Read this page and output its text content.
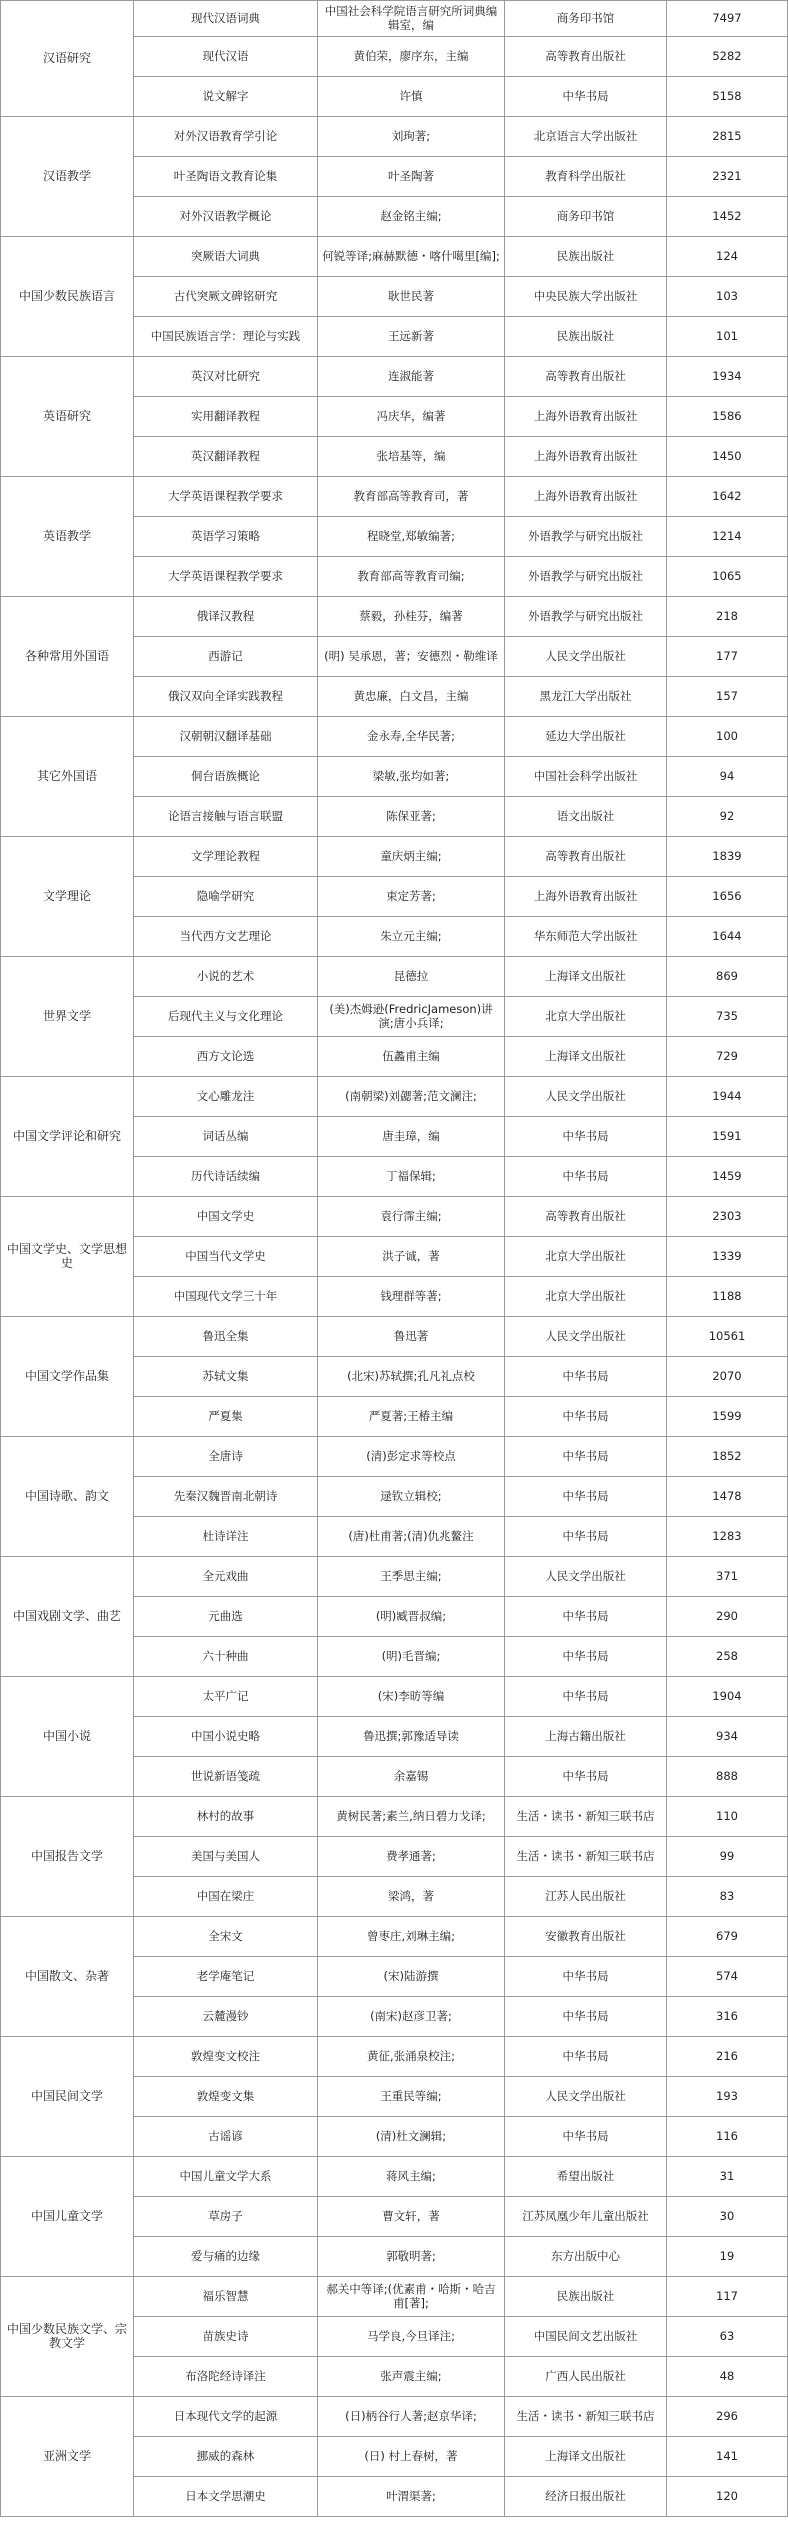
汉语研究	现代汉语词典	中国社会科学院语言研究所词典编辑室，编	商务印书馆	7497
	现代汉语	黄伯荣，廖序东，主编	高等教育出版社	5282
	说文解字	许慎	中华书局	5158
汉语教学	对外汉语教育学引论	刘珣著;	北京语言大学出版社	2815
	叶圣陶语文教育论集	叶圣陶著	教育科学出版社	2321
	对外汉语教学概论	赵金铭主编;	商务印书馆	1452
中国少数民族语言	突厥语大词典	何锐等译;麻赫默德・喀什噶里[编];	民族出版社	124
	古代突厥文碑铭研究	耿世民著	中央民族大学出版社	103
	中国民族语言学：理论与实践	王远新著	民族出版社	101
英语研究	英汉对比研究	连淑能著	高等教育出版社	1934
	实用翻译教程	冯庆华，编著	上海外语教育出版社	1586
	英汉翻译教程	张培基等，编	上海外语教育出版社	1450
英语教学	大学英语课程教学要求	教育部高等教育司，著	上海外语教育出版社	1642
	英语学习策略	程晓堂,郑敏编著;	外语教学与研究出版社	1214
	大学英语课程教学要求	教育部高等教育司编;	外语教学与研究出版社	1065
各种常用外国语	俄译汉教程	蔡毅，孙桂芬，编著	外语教学与研究出版社	218
	西游记	(明) 吴承恩，著；安德烈・勒维译	人民文学出版社	177
	俄汉双向全译实践教程	黄忠廉，白文昌，主编	黑龙江大学出版社	157
其它外国语	汉朝朝汉翻译基础	金永寿,全华民著;	延边大学出版社	100
	侗台语族概论	梁敏,张均如著;	中国社会科学出版社	94
	论语言接触与语言联盟	陈保亚著;	语文出版社	92
文学理论	文学理论教程	童庆炳主编;	高等教育出版社	1839
	隐喻学研究	束定芳著;	上海外语教育出版社	1656
	当代西方文艺理论	朱立元主编;	华东师范大学出版社	1644
世界文学	小说的艺术	昆德拉	上海译文出版社	869
	后现代主义与文化理论	(美)杰姆逊(FredricJameson)讲演;唐小兵译;	北京大学出版社	735
	西方文论选	伍蠡甫主编	上海译文出版社	729
中国文学评论和研究	文心雕龙注	(南朝梁)刘勰著;范文澜注;	人民文学出版社	1944
	词话丛编	唐圭璋，编	中华书局	1591
	历代诗话续编	丁福保辑;	中华书局	1459
中国文学史、文学思想史	中国文学史	袁行霈主编;	高等教育出版社	2303
	中国当代文学史	洪子诚，著	北京大学出版社	1339
	中国现代文学三十年	钱理群等著;	北京大学出版社	1188
中国文学作品集	鲁迅全集	鲁迅著	人民文学出版社	10561
	苏轼文集	(北宋)苏轼撰;孔凡礼点校	中华书局	2070
	严夏集	严夏著;王椿主编	中华书局	1599
中国诗歌、韵文	全唐诗	(清)彭定求等校点	中华书局	1852
	先秦汉魏晋南北朝诗	逯钦立辑校;	中华书局	1478
	杜诗详注	(唐)杜甫著;(清)仇兆鳌注	中华书局	1283
中国戏剧文学、曲艺	全元戏曲	王季思主编;	人民文学出版社	371
	元曲选	(明)臧晋叔编;	中华书局	290
	六十种曲	(明)毛晋编;	中华书局	258
中国小说	太平广记	(宋)李昉等编	中华书局	1904
	中国小说史略	鲁迅撰;郭豫适导读	上海古籍出版社	934
	世说新语笺疏	余嘉锡	中华书局	888
中国报告文学	林村的故事	黄树民著;素兰,纳日碧力戈译;	生活・读书・新知三联书店	110
	美国与美国人	费孝通著;	生活・读书・新知三联书店	99
	中国在梁庄	梁鸿，著	江苏人民出版社	83
中国散文、杂著	全宋文	曾枣庄,刘琳主编;	安徽教育出版社	679
	老学庵笔记	(宋)陆游撰	中华书局	574
	云麓漫钞	(南宋)赵彦卫著;	中华书局	316
中国民间文学	敦煌变文校注	黄征,张涌泉校注;	中华书局	216
	敦煌变文集	王重民等编;	人民文学出版社	193
	古谣谚	(清)杜文澜辑;	中华书局	116
中国儿童文学	中国儿童文学大系	蒋风主编;	希望出版社	31
	草房子	曹文轩，著	江苏凤凰少年儿童出版社	30
	爱与痛的边缘	郭敬明著;	东方出版中心	19
中国少数民族文学、宗教文学	福乐智慧	郝关中等译;(优素甫・哈斯・哈吉甫[著];	民族出版社	117
	苗族史诗	马学良,今旦译注;	中国民间文艺出版社	63
	布洛陀经诗译注	张声震主编;	广西人民出版社	48
亚洲文学	日本现代文学的起源	(日)柄谷行人著;赵京华译;	生活・读书・新知三联书店	296
	挪威的森林	(日) 村上春树，著	上海译文出版社	141
	日本文学思潮史	叶渭渠著;	经济日报出版社	120
